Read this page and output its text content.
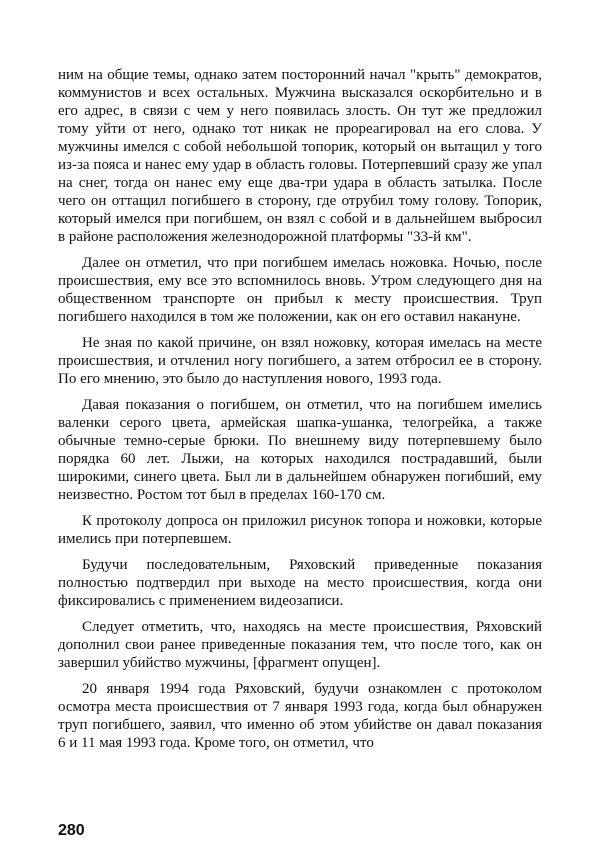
ним на общие темы, однако затем посторонний начал "крыть" демократов, коммунистов и всех остальных. Мужчина высказался оскорбительно и в его адрес, в связи с чем у него появилась злость. Он тут же предложил тому уйти от него, однако тот никак не прореагировал на его слова. У мужчины имелся с собой небольшой топорик, который он вытащил у того из-за пояса и нанес ему удар в область головы. Потерпевший сразу же упал на снег, тогда он нанес ему еще два-три удара в область затылка. После чего он оттащил погибшего в сторону, где отрубил тому голову. Топорик, который имелся при погибшем, он взял с собой и в дальнейшем выбросил в районе расположения железнодорожной платформы "33-й км".

Далее он отметил, что при погибшем имелась ножовка. Ночью, после происшествия, ему все это вспомнилось вновь. Утром следующего дня на общественном транспорте он прибыл к месту происшествия. Труп погибшего находился в том же положении, как он его оставил накануне.

Не зная по какой причине, он взял ножовку, которая имелась на месте происшествия, и отчленил ногу погибшего, а затем отбросил ее в сторону. По его мнению, это было до наступления нового, 1993 года.

Давая показания о погибшем, он отметил, что на погибшем имелись валенки серого цвета, армейская шапка-ушанка, телогрейка, а также обычные темно-серые брюки. По внешнему виду потерпевшему было порядка 60 лет. Лыжи, на которых находился пострадавший, были широкими, синего цвета. Был ли в дальнейшем обнаружен погибший, ему неизвестно. Ростом тот был в пределах 160-170 см.

К протоколу допроса он приложил рисунок топора и ножовки, которые имелись при потерпевшем.

Будучи последовательным, Ряховский приведенные показания полностью подтвердил при выходе на место происшествия, когда они фиксировались с применением видеозаписи.

Следует отметить, что, находясь на месте происшествия, Ряховский дополнил свои ранее приведенные показания тем, что после того, как он завершил убийство мужчины, [фрагмент опущен].

20 января 1994 года Ряховский, будучи ознакомлен с протоколом осмотра места происшествия от 7 января 1993 года, когда был обнаружен труп погибшего, заявил, что именно об этом убийстве он давал показания 6 и 11 мая 1993 года. Кроме того, он отметил, что

280
